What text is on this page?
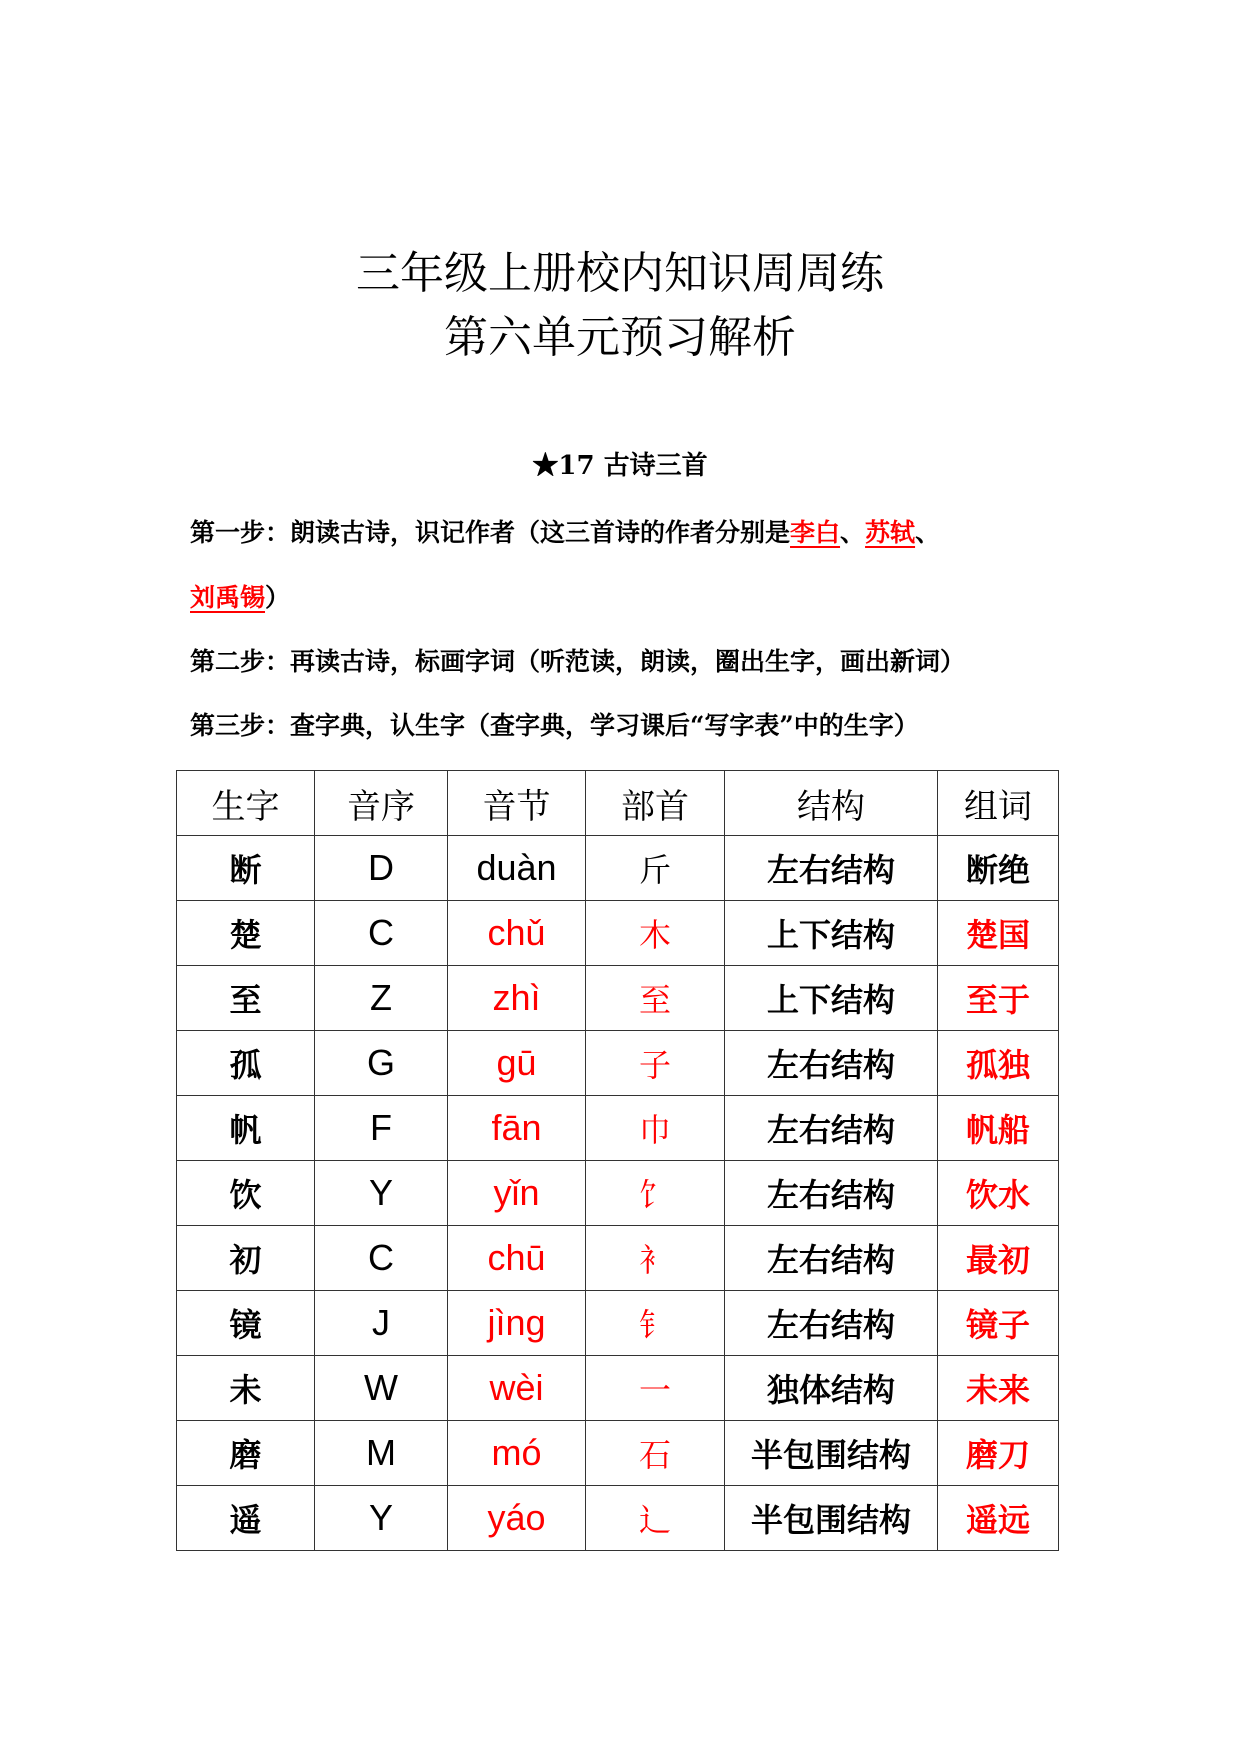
三年级上册校内知识周周练
第六单元预习解析
★17 古诗三首
第一步：朗读古诗，识记作者（这三首诗的作者分别是李白、苏轼、
刘禹锡）
第二步：再读古诗，标画字词（听范读，朗读，圈出生字，画出新词）
第三步：查字典，认生字（查字典，学习课后“写字表”中的生字）
生字	音序	音节	部首	结构	组词
断	D	duàn	斤	左右结构	断绝
楚	C	chǔ	木	上下结构	楚国
至	Z	zhì	至	上下结构	至于
孤	G	gū	子	左右结构	孤独
帆	F	fān	巾	左右结构	帆船
饮	Y	yǐn	饣	左右结构	饮水
初	C	chū	衤	左右结构	最初
镜	J	jìng	钅	左右结构	镜子
未	W	wèi	一	独体结构	未来
磨	M	mó	石	半包围结构	磨刀
遥	Y	yáo	辶	半包围结构	遥远
